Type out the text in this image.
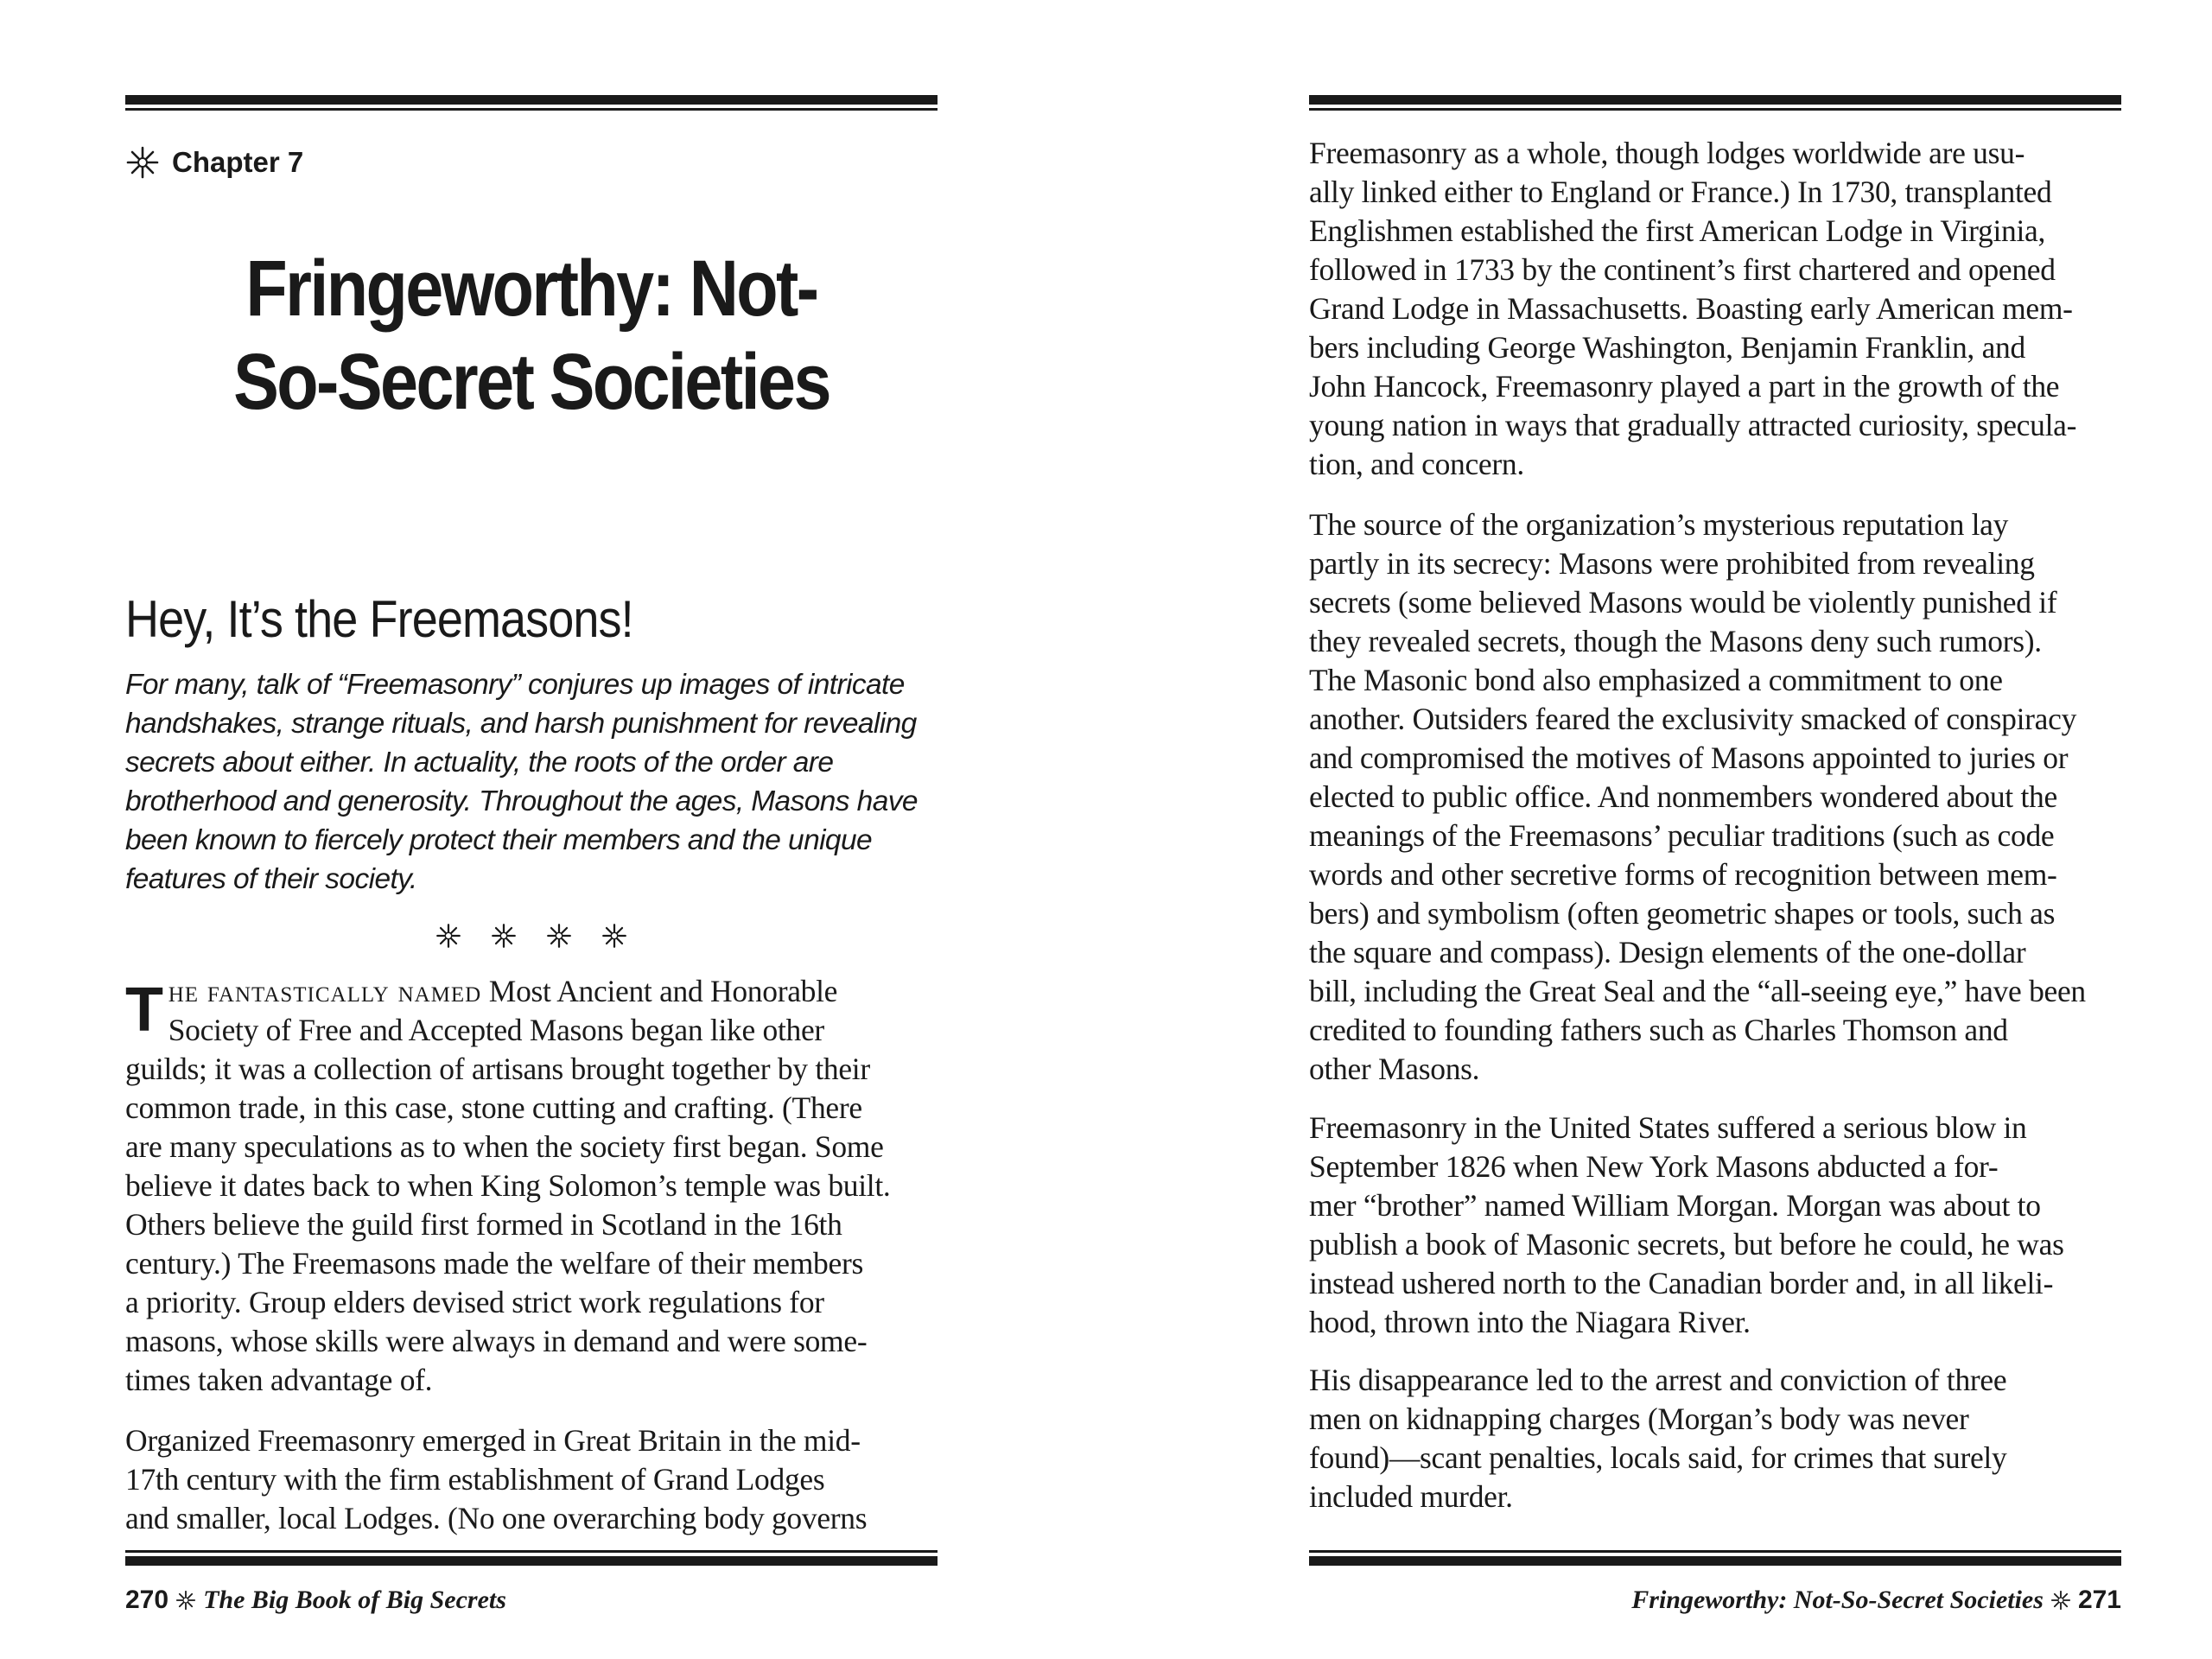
Chapter 7
Fringeworthy: Not-
So-Secret Societies
Hey, It’s the Freemasons!
For many, talk of “Freemasonry” conjures up images of intricate
handshakes, strange rituals, and harsh punishment for revealing
secrets about either. In actuality, the roots of the order are
brotherhood and generosity. Throughout the ages, Masons have
been known to fiercely protect their members and the unique
features of their society.
T he fantastically named Most Ancient and Honorable
Society of Free and Accepted Masons began like other
guilds; it was a collection of artisans brought together by their
common trade, in this case, stone cutting and crafting. (There
are many speculations as to when the society first began. Some
believe it dates back to when King Solomon’s temple was built.
Others believe the guild first formed in Scotland in the 16th
century.) The Freemasons made the welfare of their members
a priority. Group elders devised strict work regulations for
masons, whose skills were always in demand and were some-
times taken advantage of.
Organized Freemasonry emerged in Great Britain in the mid-
17th century with the firm establishment of Grand Lodges
and smaller, local Lodges. (No one overarching body governs
270 The Big Book of Big Secrets
Freemasonry as a whole, though lodges worldwide are usu-
ally linked either to England or France.) In 1730, transplanted
Englishmen established the first American Lodge in Virginia,
followed in 1733 by the continent’s first chartered and opened
Grand Lodge in Massachusetts. Boasting early American mem-
bers including George Washington, Benjamin Franklin, and
John Hancock, Freemasonry played a part in the growth of the
young nation in ways that gradually attracted curiosity, specula-
tion, and concern.
The source of the organization’s mysterious reputation lay
partly in its secrecy: Masons were prohibited from revealing
secrets (some believed Masons would be violently punished if
they revealed secrets, though the Masons deny such rumors).
The Masonic bond also emphasized a commitment to one
another. Outsiders feared the exclusivity smacked of conspiracy
and compromised the motives of Masons appointed to juries or
elected to public office. And nonmembers wondered about the
meanings of the Freemasons’ peculiar traditions (such as code
words and other secretive forms of recognition between mem-
bers) and symbolism (often geometric shapes or tools, such as
the square and compass). Design elements of the one-dollar
bill, including the Great Seal and the “all-seeing eye,” have been
credited to founding fathers such as Charles Thomson and
other Masons.
Freemasonry in the United States suffered a serious blow in
September 1826 when New York Masons abducted a for-
mer “brother” named William Morgan. Morgan was about to
publish a book of Masonic secrets, but before he could, he was
instead ushered north to the Canadian border and, in all likeli-
hood, thrown into the Niagara River.
His disappearance led to the arrest and conviction of three
men on kidnapping charges (Morgan’s body was never
found)—scant penalties, locals said, for crimes that surely
included murder.
Fringeworthy: Not-So-Secret Societies 271
